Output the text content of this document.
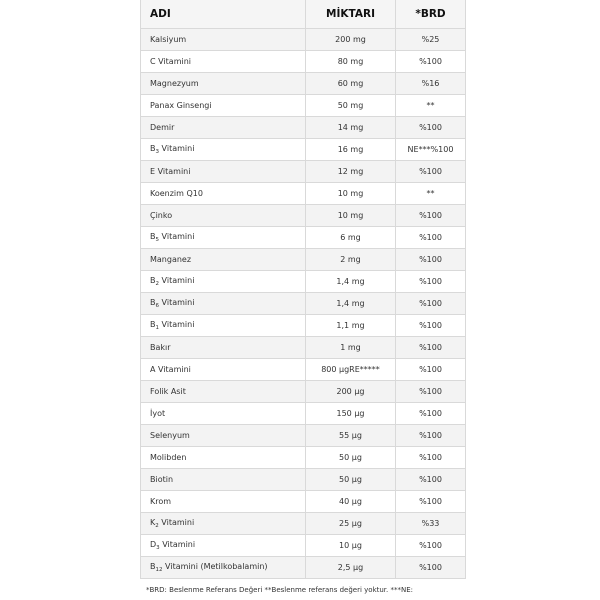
ADI	MİKTARI	*BRD
Kalsiyum	200 mg	%25
C Vitamini	80 mg	%100
Magnezyum	60 mg	%16
Panax Ginsengi	50 mg	**
Demir	14 mg	%100
$B_3$ Vitamini	16 mg	NE***%100
E Vitamini	12 mg	%100
Koenzim Q10	10 mg	**
Çinko	10 mg	%100
$B_5$ Vitamini	6 mg	%100
Manganez	2 mg	%100
$B_2$ Vitamini	1,4 mg	%100
$B_6$ Vitamini	1,4 mg	%100
$B_1$ Vitamini	1,1 mg	%100
Bakır	1 mg	%100
A Vitamini	800 µgRE*****	%100
Folik Asit	200 µg	%100
İyot	150 µg	%100
Selenyum	55 µg	%100
Molibden	50 µg	%100
Biotin	50 µg	%100
Krom	40 µg	%100
$K_2$ Vitamini	25 µg	%33
$D_3$ Vitamini	10 µg	%100
$B_{12}$ Vitamini (Metilkobalamin)	2,5 µg	%100
*BRD: Beslenme Referans Değeri **Beslenme referans değeri yoktur. ***NE:
